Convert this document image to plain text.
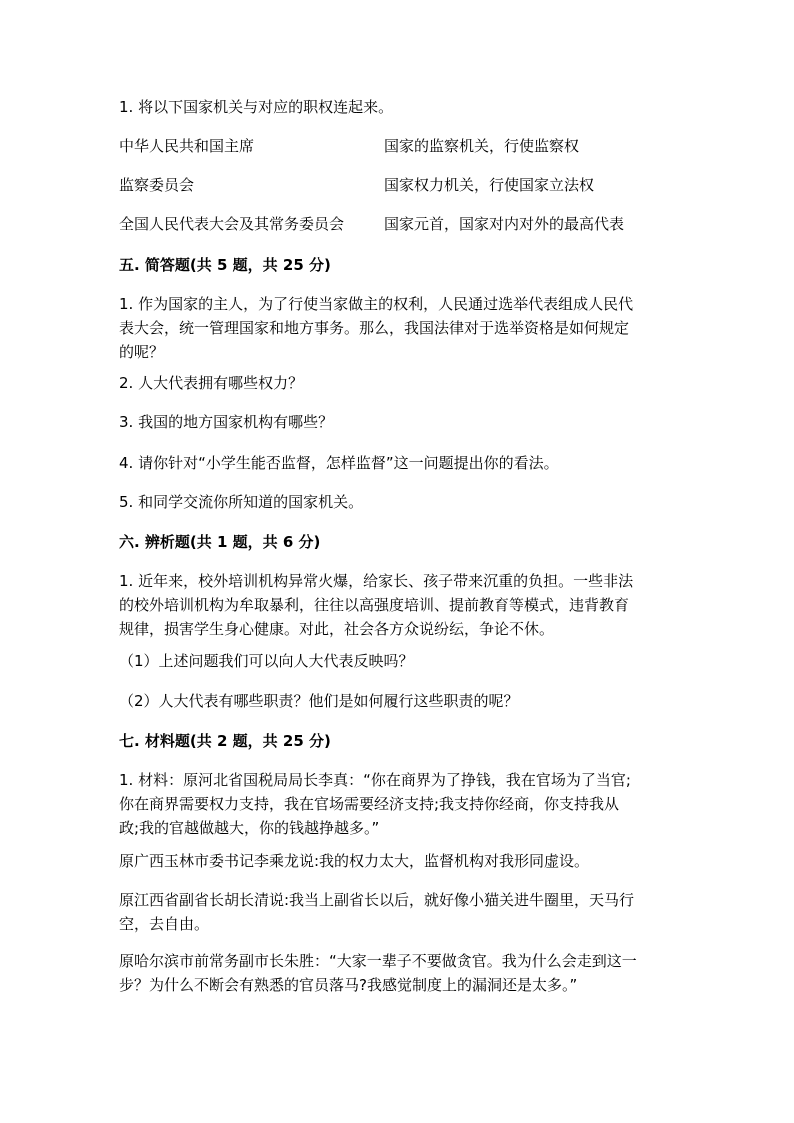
1. 将以下国家机关与对应的职权连起来。
中华人民共和国主席	国家的监察机关，行使监察权
监察委员会	国家权力机关，行使国家立法权
全国人民代表大会及其常务委员会	国家元首，国家对内对外的最高代表
五. 简答题(共 5 题，共 25 分)
1. 作为国家的主人，为了行使当家做主的权利，人民通过选举代表组成人民代
表大会，统一管理国家和地方事务。那么，我国法律对于选举资格是如何规定
的呢？
2. 人大代表拥有哪些权力？
3. 我国的地方国家机构有哪些？
4. 请你针对“小学生能否监督，怎样监督”这一问题提出你的看法。
5. 和同学交流你所知道的国家机关。
六. 辨析题(共 1 题，共 6 分)
1. 近年来，校外培训机构异常火爆，给家长、孩子带来沉重的负担。一些非法
的校外培训机构为牟取暴利，往往以高强度培训、提前教育等模式，违背教育
规律，损害学生身心健康。对此，社会各方众说纷纭，争论不休。
（1）上述问题我们可以向人大代表反映吗？
（2）人大代表有哪些职责？他们是如何履行这些职责的呢？
七. 材料题(共 2 题，共 25 分)
1. 材料：原河北省国税局局长李真：“你在商界为了挣钱，我在官场为了当官;
你在商界需要权力支持，我在官场需要经济支持;我支持你经商，你支持我从
政;我的官越做越大，你的钱越挣越多。”
原广西玉林市委书记李乘龙说:我的权力太大，监督机构对我形同虚设。
原江西省副省长胡长清说:我当上副省长以后，就好像小猫关进牛圈里，天马行
空，去自由。
原哈尔滨市前常务副市长朱胜：“大家一辈子不要做贪官。我为什么会走到这一
步？为什么不断会有熟悉的官员落马?我感觉制度上的漏洞还是太多。”
